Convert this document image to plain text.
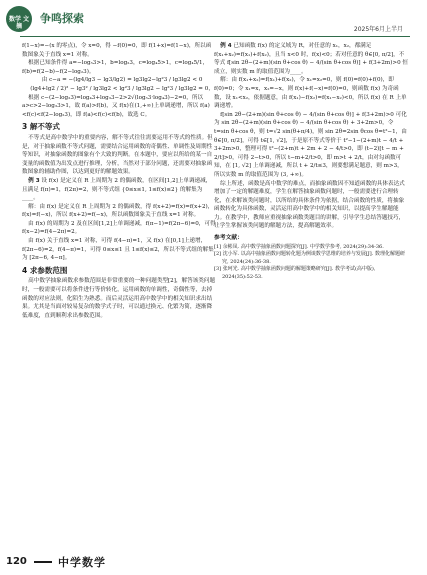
数学 文摘
争鸣探索
2025年6月上半月

f(1−x)=−(x 的零点)，令 x=0，得 −f(0)=0，即 f(1+x)=f(1−x)，所以函数图象关于直线 x=1 对称。

根据已知条件得 a=−log₃3>1，b=log₂3，c=log₄5>1，c=log₄5/1，f(b)=f(2−b)−f(2−log₂3)。

由 c−a = −(lg4/lg3 − lg3/lg2) = lg3lg2−lg²3 / lg3lg2 < 0

(lg4+lg2 / 2)² − lg3² / lg3lg2 < lg²3 / lg3lg2 − lg²3 / lg3lg2 = 0，

根据 c−(2−log₂3)=log₄3+log₃3−2>2√(log₃3·log₄3)−2=0，所以 a>c>2−log₃3>1，故 f(a)>f(b)，又 f(x)在(1,+∞)上单调递增，所以 f(a)<f(c)<f(2−log₂3)，即 f(a)<f(c)<f(b)，故选 C。

3 解不等式

不等式是高中数学中的重要内容，解不等式往往需要运用不等式的性质。但是，对于抽象函数不等式问题，需要结合运用函数的奇偶性、单调性及周期性等知识，对抽象函数的图象有个大致的判断。在本题中，要应以所给的某一自变量的函数值为出发点进行推理，分析，当然对于部分问题，还需要对抽象函数图象的辅助作图，以达到更好的解题效果。

例 3 设 f(x) 是定义在 R 上周期为 2 的偶函数，在区间[1,2]上单调递减，且满足 f(π)=1，f(2π)=2，则不等式组 {0≤x≤1, 1≤f(x)≤2} 的解集为____。

解：由 f(x) 是定义在 R 上周期为 2 的偶函数，得 f(x+2)=f(x)=f(x+2)，f(x)=f(−x)，所以 f(x+2)=f(−x)，所以函数图象关于直线 x=1 对称。

由 f(x) 的周期为 2 及在区间[1,2]上单调递减，f(π−1)=f(2π−6)=0，可得 f(x−2)=f(4−2π)=2。

由 f(x) 关于直线 x=1 对称，可得 f(4−π)=1，又 f(x) 在[0,1]上递增，f(2π−6)=2，f(4−π)=1，可得 0≤x≤1 且 1≤f(x)≤2，所以不等式组的解集为 [2π−6, 4−π]。

4 求参数范围

高中数学抽象函数求参数范围是非常重要的一种问题类型[2]，解答该类问题时，一般需要可以将条件进行等价转化，运用函数的单调性，奇偶性等，去掉函数的对应法则，化陌生为熟悉。而后灵活运用高中数学中的相关知识求出结果。尤其是当面对较易复杂的数学式子时，可以通过换元、化繁为简，逐渐降低难度，直到顺利求出参数范围。

例 4 已知函数 f(x) 的定义域为 R，对任意的 x₁，x₂，都满足 f(x₁+x₂)=f(x₁)+f(x₂)，且当 x<0 时，f(x)<0；若对任意的 θ∈[0, π/2]，不等式 f[sin 2θ−(2+m)(sin θ+cos θ) − 4/(sin θ+cos θ)] + f(3+2m)>0 恒成立，则实数 m 的取值范围为____。

解：由 f(x₁+x₂)=f(x₁)+f(x₂)，令 x₁=x₂=0，则 f(0)=f(0)+f(0)，即 f(0)=0；令 x₁=x，x₂=−x，则 f(x)+f(−x)=f(0)=0，则函数 f(x) 为奇函数，设 x₁<x₂，依据题意，由 f(x₁)−f(x₂)=f(x₁−x₂)<0，所以 f(x) 在 R 上单调递增。

f[sin 2θ−(2+m)(sin θ+cos θ) − 4/(sin θ+cos θ)] + f(3+2m)>0 可化为 sin 2θ−(2+m)(sin θ+cos θ) − 4/(sin θ+cos θ) + 3+2m>0，令 t=sin θ+cos θ，则 t=√2 sin(θ+π/4)，则 sin 2θ=2sin θcos θ=t²−1，由 θ∈[0, π/2]，可得 t∈[1, √2]，于是原不等式等价于 t²−1−(2+m)t − 4/t + 3+2m>0，整理可得 t²−(2+m)t + 2m + 2 − 4/t>0，即 (t−2)[t − m + 2/t]>0，可得 2−t>0，所以 t−m+2/t>0，即 m>t + 2/t，由对勾函数可知，在 [1, √2] 上单调递减，所以 t + 2/t≤3，则要想满足题意，则 m>3，所以实数 m 的取值范围为 (3, +∞)。

综上所述，函数是高中数学的难点，而抽象函数因不知道函数的具体表达式增加了一定的解题难度，学生在解答抽象函数问题时，一般需要进行合理转化，在求解该类问题时，以所给的具体条件为依据，结合函数的性质，将抽象函数转化为具体函数，灵活运用高中数学中的相关知识，以提高学生解题能力。在教学中，教师应重视抽象函数类题目的讲解，引导学生总结答题技巧，让学生掌握该类问题的解题方法，提高解题效率。

参考文献：

[1] 余彬凤. 高中数学抽象函数问题探究[J]. 中学数学参考, 2024(29):34-36.

[2] 沈小军. 以高中抽象函数问题转化题为例谈数学思维的培养与发展[J]. 数理化解题研究, 2024(24):36-38.

[3] 张珂光. 高中数学抽象函数问题的解题策略研究[J]. 教学考试(高中版), 2024(35):52-53.

120	中学数学
